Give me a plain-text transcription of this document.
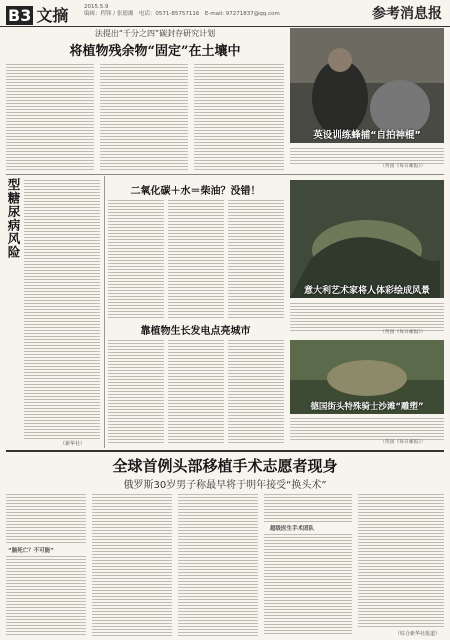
B3 文摘	2015.5.9
编辑：程锋 / 张德湘　 电话：0571-85757116　 E-mail: 97271837@qq.com	参考消息报
法提出“千分之四”碳封存研究计划
将植物残余物“固定”在土壤中
英设训练蜂捕“自拍神棍”
（英国《每日邮报》）
型糖尿病风险
（新华社）
二氧化碳＋水＝柴油？没错！
靠植物生长发电点亮城市
意大利艺术家将人体彩绘成风景
（英国《每日邮报》）
德国街头特殊骑士沙滩“雕塑”
（英国《每日邮报》）
全球首例头部移植手术志愿者现身
俄罗斯30岁男子称最早将于明年接受“换头术”
“脑死亡？不可能”
超级医生手术团队
（综合新华社报道）
